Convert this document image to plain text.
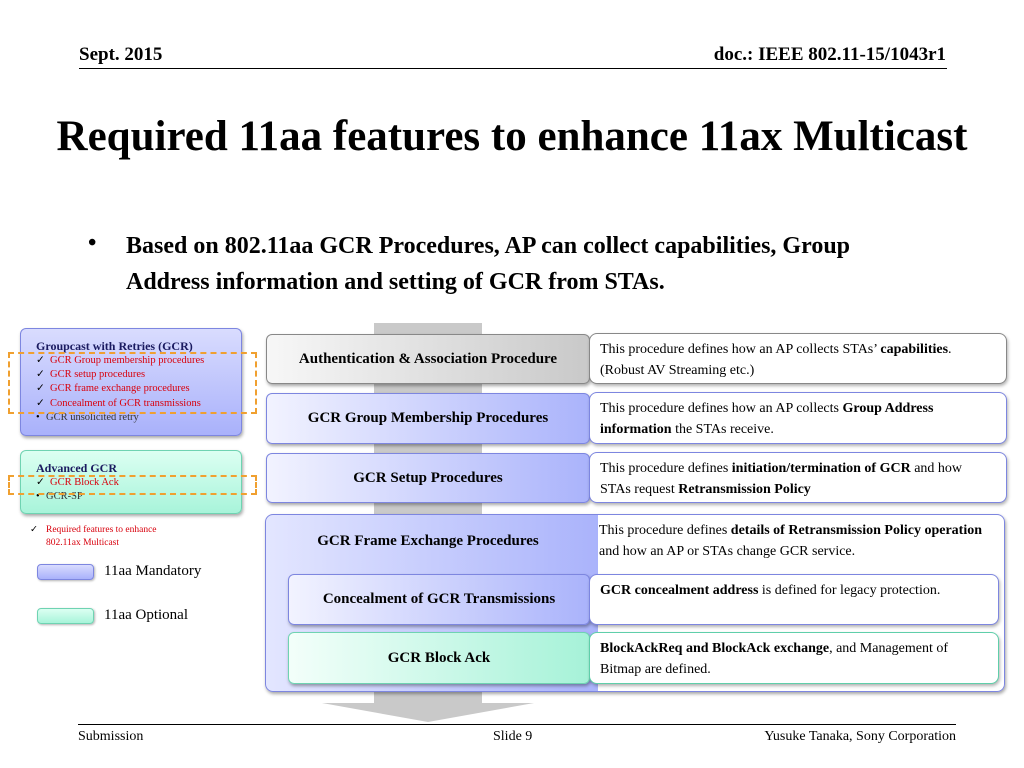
Sept. 2015	doc.: IEEE 802.11-15/1043r1
Required 11aa features to enhance 11ax Multicast
• Based on 802.11aa GCR Procedures, AP can collect capabilities, Group Address information and setting of GCR from STAs.
Groupcast with Retries (GCR)
✓ GCR Group membership procedures
✓ GCR setup procedures
✓ GCR frame exchange procedures
✓ Concealment of GCR transmissions
• GCR unsolicited retry
Advanced GCR
✓ GCR Block Ack
• GCR-SP
✓ Required features to enhance
802.11ax Multicast
11aa Mandatory
11aa Optional
Authentication & Association Procedure
This procedure defines how an AP collects STAs’ capabilities. (Robust AV Streaming etc.)
GCR Group Membership Procedures
This procedure defines how an AP collects Group Address information the STAs receive.
GCR Setup Procedures
This procedure defines initiation/termination of GCR and how STAs request Retransmission Policy
GCR Frame Exchange Procedures
This procedure defines details of Retransmission Policy operation and how an AP or STAs change GCR service.
Concealment of GCR Transmissions
GCR concealment address is defined for legacy protection.
GCR Block Ack
BlockAckReq and BlockAck exchange, and Management of Bitmap are defined.
Submission	Slide 9	Yusuke Tanaka, Sony Corporation
